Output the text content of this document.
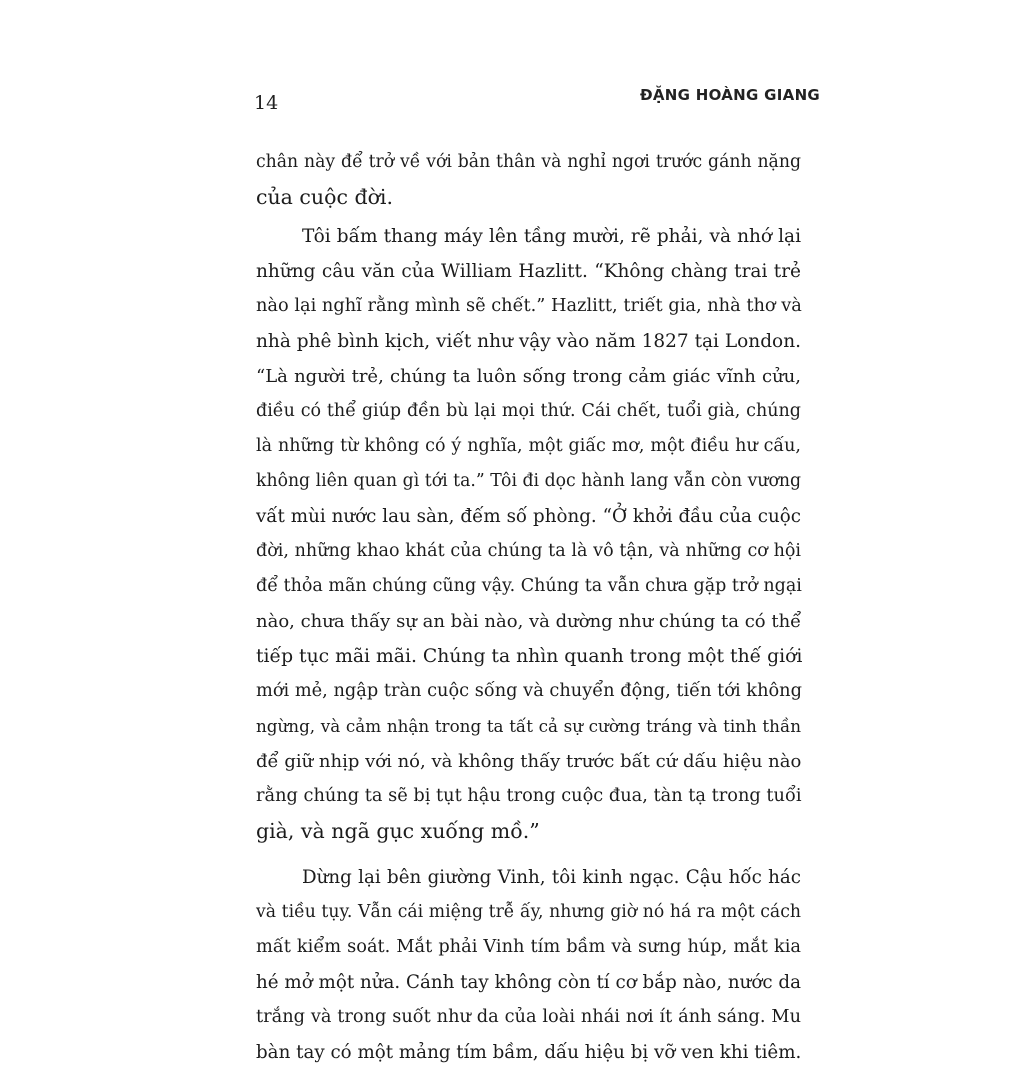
14	ĐẶNG HOÀNG GIANG
chân này để trở về với bản thân và nghỉ ngơi trước gánh nặng
của cuộc đời.
Tôi bấm thang máy lên tầng mười, rẽ phải, và nhớ lại
những câu văn của William Hazlitt. “Không chàng trai trẻ
nào lại nghĩ rằng mình sẽ chết.” Hazlitt, triết gia, nhà thơ và
nhà phê bình kịch, viết như vậy vào năm 1827 tại London.
“Là người trẻ, chúng ta luôn sống trong cảm giác vĩnh cửu,
điều có thể giúp đền bù lại mọi thứ. Cái chết, tuổi già, chúng
là những từ không có ý nghĩa, một giấc mơ, một điều hư cấu,
không liên quan gì tới ta.” Tôi đi dọc hành lang vẫn còn vương
vất mùi nước lau sàn, đếm số phòng. “Ở khởi đầu của cuộc
đời, những khao khát của chúng ta là vô tận, và những cơ hội
để thỏa mãn chúng cũng vậy. Chúng ta vẫn chưa gặp trở ngại
nào, chưa thấy sự an bài nào, và dường như chúng ta có thể
tiếp tục mãi mãi. Chúng ta nhìn quanh trong một thế giới
mới mẻ, ngập tràn cuộc sống và chuyển động, tiến tới không
ngừng, và cảm nhận trong ta tất cả sự cường tráng và tinh thần
để giữ nhịp với nó, và không thấy trước bất cứ dấu hiệu nào
rằng chúng ta sẽ bị tụt hậu trong cuộc đua, tàn tạ trong tuổi
già, và ngã gục xuống mồ.”
Dừng lại bên giường Vinh, tôi kinh ngạc. Cậu hốc hác
và tiều tụy. Vẫn cái miệng trễ ấy, nhưng giờ nó há ra một cách
mất kiểm soát. Mắt phải Vinh tím bầm và sưng húp, mắt kia
hé mở một nửa. Cánh tay không còn tí cơ bắp nào, nước da
trắng và trong suốt như da của loài nhái nơi ít ánh sáng. Mu
bàn tay có một mảng tím bầm, dấu hiệu bị vỡ ven khi tiêm.
